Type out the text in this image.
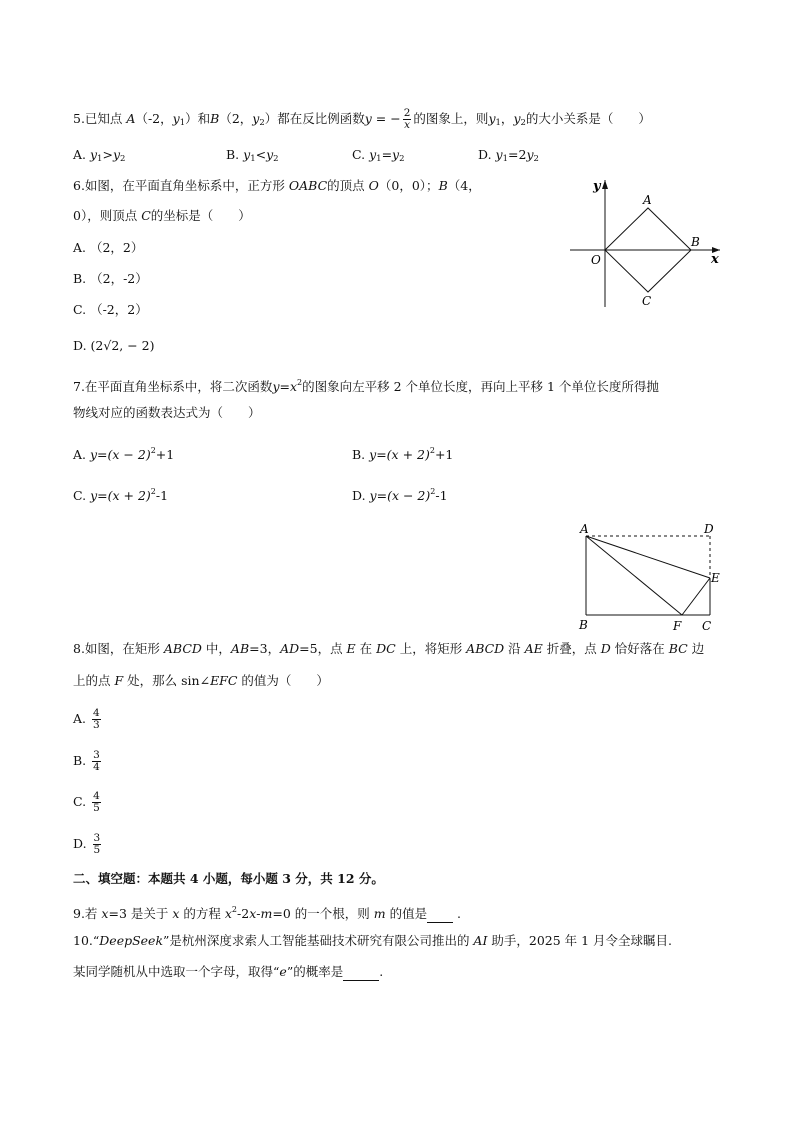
5.已知点 A（-2，$y_1$）和B（2，$y_2$）都在反比例函数y = − $\frac{2}{x}$ 的图象上，则$y_1$，$y_2$的大小关系是（　　）
A. $y_1>y_2$	B. $y_1<y_2$	C. $y_1=y_2$	D. $y_1=2y_2$
6.如图，在平面直角坐标系中，正方形 OABC的顶点 O（0，0）；B（4，
0），则顶点 C的坐标是（　　）
A. （2，2）
B. （2，-2）
C. （-2，2）
D. (2√2, − 2)
y
x
A
B
O
C
7.在平面直角坐标系中，将二次函数$y=x^2$的图象向左平移 2 个单位长度，再向上平移 1 个单位长度所得抛
物线对应的函数表达式为（　　）
A. $y=(x - 2)^2+1$	B. $y=(x + 2)^2+1$
C. $y=(x + 2)^2-1$	D. $y=(x - 2)^2-1$
A	D
E
B	F C
8.如图，在矩形 ABCD 中，AB=3，AD=5，点 E 在 DC 上，将矩形 ABCD 沿 AE 折叠，点 D 恰好落在 BC 边
上的点 F 处，那么 sin∠EFC 的值为（　　）
A. $\frac{4}{3}$
B. $\frac{3}{4}$
C. $\frac{4}{5}$
D. $\frac{3}{5}$
二、填空题：本题共 4 小题，每小题 3 分，共 12 分。
9.若 x=3 是关于 x 的方程 $x^2-2x-m=0$ 的一个根，则 m 的值是  .
10.“DeepSeek”是杭州深度求索人工智能基础技术研究有限公司推出的 AI 助手，2025 年 1 月令全球瞩目.
某同学随机从中选取一个字母，取得“e”的概率是	.
